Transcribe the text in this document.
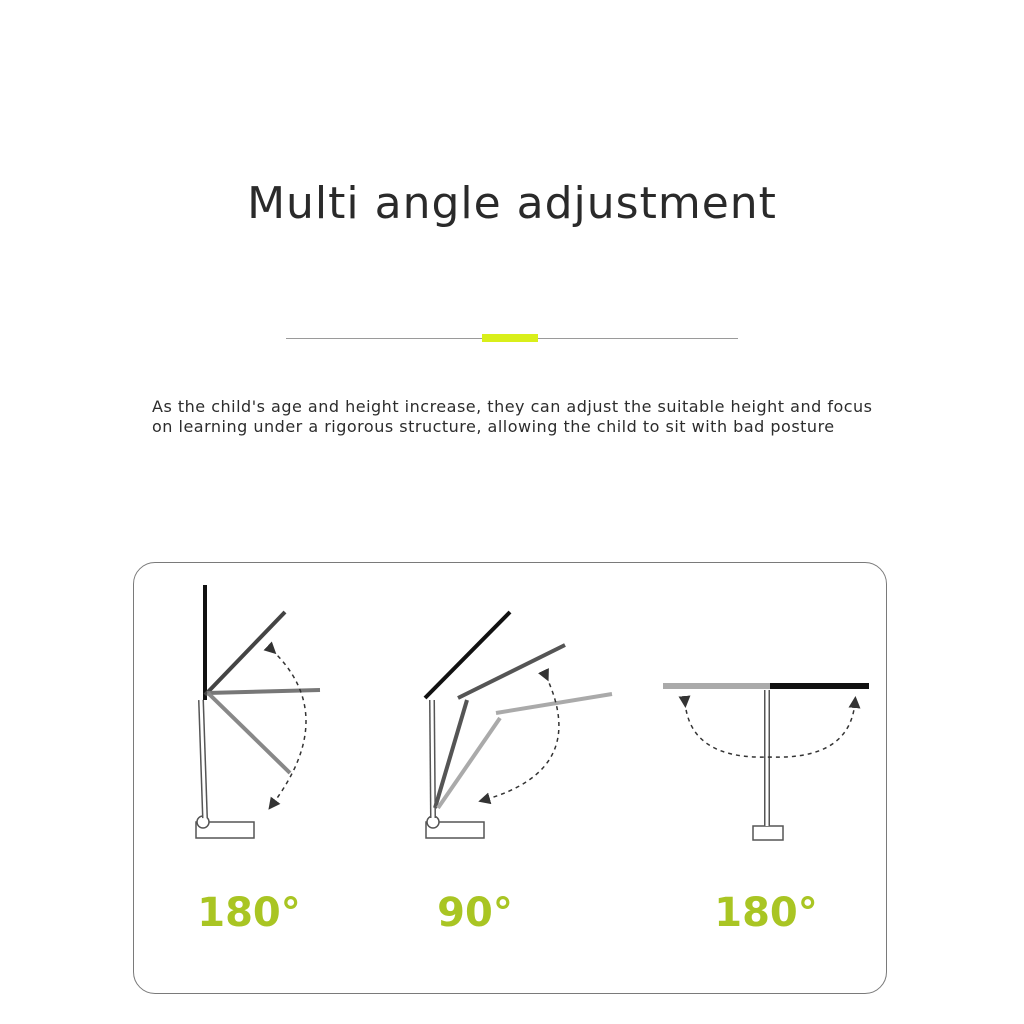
Multi angle adjustment
As the child's age and height increase, they can adjust the suitable height and focus on learning under a rigorous structure, allowing the child to sit with bad posture
180°	90°	180°
